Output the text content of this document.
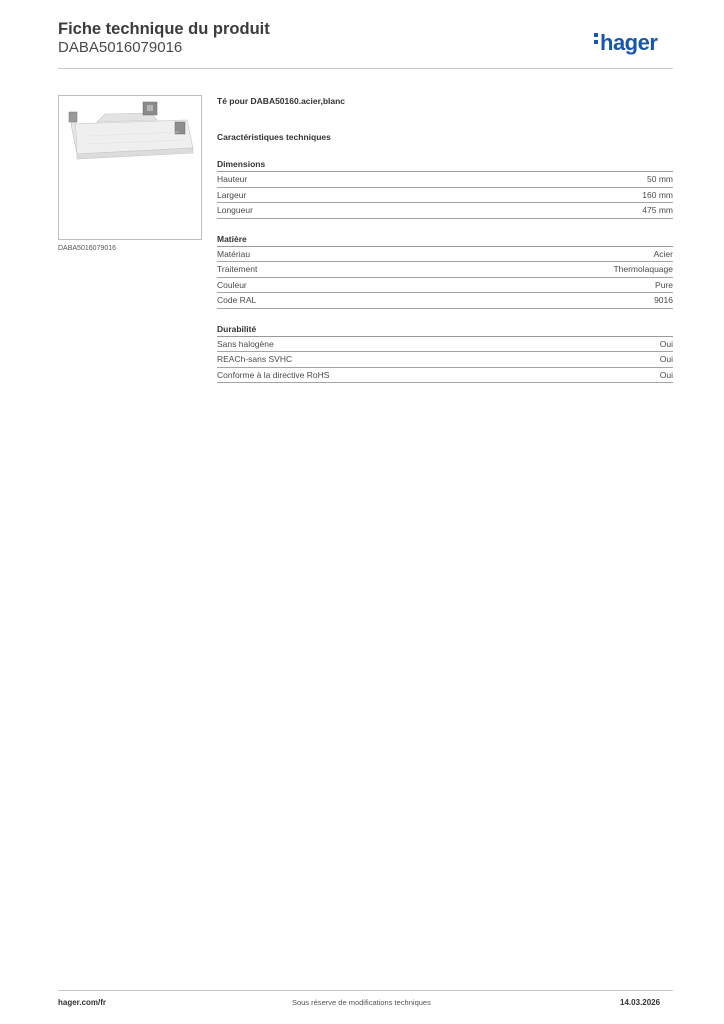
Fiche technique du produit
DABA5016079016	hager
DABA5016079016
Té pour DABA50160.acier,blanc
Caractéristiques techniques
Dimensions
Hauteur	50 mm
Largeur	160 mm
Longueur	475 mm
Matière
Matériau	Acier
Traitement	Thermolaquage
Couleur	Pure
Code RAL	9016
Durabilité
Sans halogène	Oui
REACh-sans SVHC	Oui
Conforme à la directive RoHS	Oui
hager.com/fr	Sous réserve de modifications techniques	14.03.2026
